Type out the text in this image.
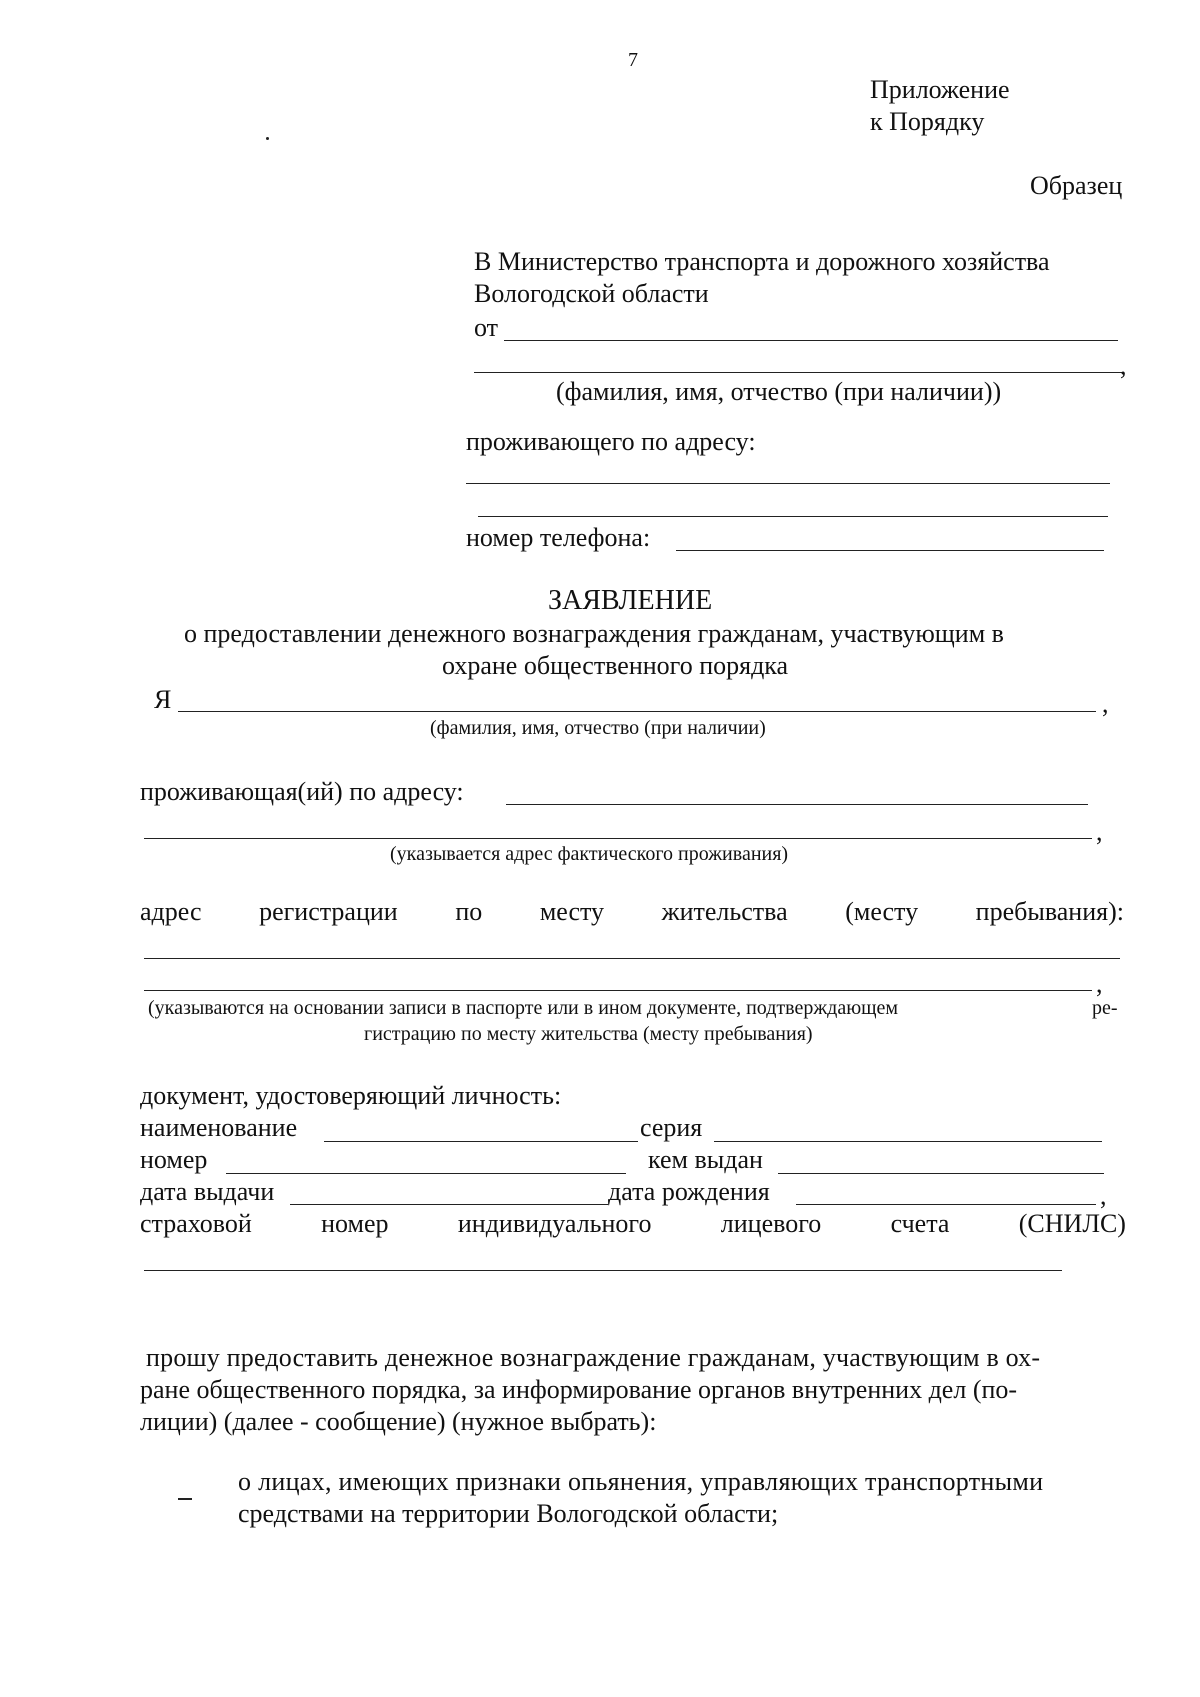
7
Приложение
к Порядку
Образец
В Министерство транспорта и дорожного хозяйства
Вологодской области
от
,
(фамилия, имя, отчество (при наличии))
проживающего по адресу:
номер телефона:
ЗАЯВЛЕНИЕ
о предоставлении денежного вознаграждения гражданам, участвующим в
охране общественного порядка
Я	,
(фамилия, имя, отчество (при наличии)
проживающая(ий) по адресу:
,
(указывается адрес фактического проживания)
адрес регистрации по месту жительства (месту пребывания):
,
(указываются на основании записи в паспорте или в ином документе, подтверждающем	ре-
гистрацию по месту жительства (месту пребывания)
документ, удостоверяющий личность:
наименование	серия
номер	кем выдан
дата выдачи	дата рождения	,
страховой	номер	индивидуального	лицевого	счета	(СНИЛС)
прошу предоставить денежное вознаграждение гражданам, участвующим в ох-
ране общественного порядка, за информирование органов внутренних дел (по-
лиции) (далее - сообщение) (нужное выбрать):
о лицах, имеющих признаки опьянения, управляющих транспортными
средствами на территории Вологодской области;
